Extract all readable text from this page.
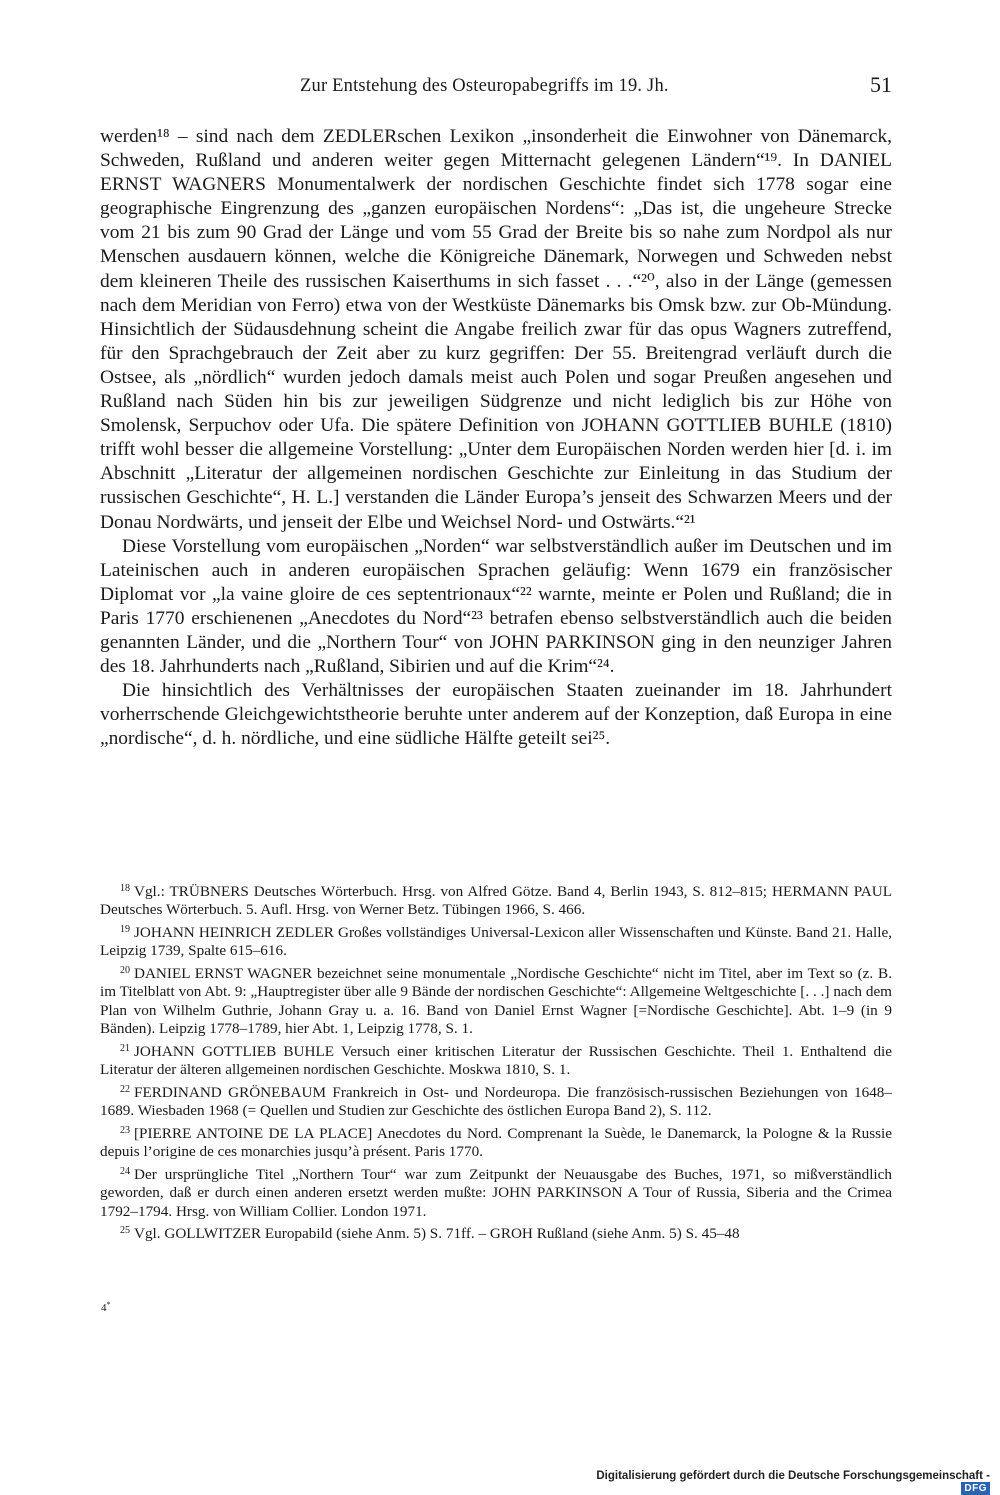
Zur Entstehung des Osteuropabegriffs im 19. Jh.	51

werden¹⁸ – sind nach dem ZEDLERschen Lexikon „insonderheit die Einwohner von Dänemarck, Schweden, Rußland und anderen weiter gegen Mitternacht gelegenen Ländern“¹⁹. In DANIEL ERNST WAGNERS Monumentalwerk der nordischen Geschichte findet sich 1778 sogar eine geographische Eingrenzung des „ganzen europäischen Nordens“: „Das ist, die ungeheure Strecke vom 21 bis zum 90 Grad der Länge und vom 55 Grad der Breite bis so nahe zum Nordpol als nur Menschen ausdauern können, welche die Königreiche Dänemark, Norwegen und Schweden nebst dem kleineren Theile des russischen Kaiserthums in sich fasset . . .“²⁰, also in der Länge (gemessen nach dem Meridian von Ferro) etwa von der Westküste Dänemarks bis Omsk bzw. zur Ob-Mündung. Hinsichtlich der Südausdehnung scheint die Angabe freilich zwar für das opus Wagners zutreffend, für den Sprachgebrauch der Zeit aber zu kurz gegriffen: Der 55. Breitengrad verläuft durch die Ostsee, als „nördlich“ wurden jedoch damals meist auch Polen und sogar Preußen angesehen und Rußland nach Süden hin bis zur jeweiligen Südgrenze und nicht lediglich bis zur Höhe von Smolensk, Serpuchov oder Ufa. Die spätere Definition von JOHANN GOTTLIEB BUHLE (1810) trifft wohl besser die allgemeine Vorstellung: „Unter dem Europäischen Norden werden hier [d. i. im Abschnitt „Literatur der allgemeinen nordischen Geschichte zur Einleitung in das Studium der russischen Geschichte“, H. L.] verstanden die Länder Europa’s jenseit des Schwarzen Meers und der Donau Nordwärts, und jenseit der Elbe und Weichsel Nord- und Ostwärts.“²¹

Diese Vorstellung vom europäischen „Norden“ war selbstverständlich außer im Deutschen und im Lateinischen auch in anderen europäischen Sprachen geläufig: Wenn 1679 ein französischer Diplomat vor „la vaine gloire de ces septentrionaux“²² warnte, meinte er Polen und Rußland; die in Paris 1770 erschienenen „Anecdotes du Nord“²³ betrafen ebenso selbstverständlich auch die beiden genannten Länder, und die „Northern Tour“ von JOHN PARKINSON ging in den neunziger Jahren des 18. Jahrhunderts nach „Rußland, Sibirien und auf die Krim“²⁴.

Die hinsichtlich des Verhältnisses der europäischen Staaten zueinander im 18. Jahrhundert vorherrschende Gleichgewichtstheorie beruhte unter anderem auf der Konzeption, daß Europa in eine „nordische“, d. h. nördliche, und eine südliche Hälfte geteilt sei²⁵.

$^{18}$ Vgl.: TRÜBNERS Deutsches Wörterbuch. Hrsg. von Alfred Götze. Band 4, Berlin 1943, S. 812–815; HERMANN PAUL Deutsches Wörterbuch. 5. Aufl. Hrsg. von Werner Betz. Tübingen 1966, S. 466.

$^{19}$ JOHANN HEINRICH ZEDLER Großes vollständiges Universal-Lexicon aller Wissenschaften und Künste. Band 21. Halle, Leipzig 1739, Spalte 615–616.

$^{20}$ DANIEL ERNST WAGNER bezeichnet seine monumentale „Nordische Geschichte“ nicht im Titel, aber im Text so (z. B. im Titelblatt von Abt. 9: „Hauptregister über alle 9 Bände der nordischen Geschichte“: Allgemeine Weltgeschichte [. . .] nach dem Plan von Wilhelm Guthrie, Johann Gray u. a. 16. Band von Daniel Ernst Wagner [=Nordische Geschichte]. Abt. 1–9 (in 9 Bänden). Leipzig 1778–1789, hier Abt. 1, Leipzig 1778, S. 1.

$^{21}$ JOHANN GOTTLIEB BUHLE Versuch einer kritischen Literatur der Russischen Geschichte. Theil 1. Enthaltend die Literatur der älteren allgemeinen nordischen Geschichte. Moskwa 1810, S. 1.

$^{22}$ FERDINAND GRÖNEBAUM Frankreich in Ost- und Nordeuropa. Die französisch-russischen Beziehungen von 1648–1689. Wiesbaden 1968 (= Quellen und Studien zur Geschichte des östlichen Europa Band 2), S. 112.

$^{23}$ [PIERRE ANTOINE DE LA PLACE] Anecdotes du Nord. Comprenant la Suède, le Danemarck, la Pologne & la Russie depuis l’origine de ces monarchies jusqu’à présent. Paris 1770.

$^{24}$ Der ursprüngliche Titel „Northern Tour“ war zum Zeitpunkt der Neuausgabe des Buches, 1971, so mißverständlich geworden, daß er durch einen anderen ersetzt werden mußte: JOHN PARKINSON A Tour of Russia, Siberia and the Crimea 1792–1794. Hrsg. von William Collier. London 1971.

$^{25}$ Vgl. GOLLWITZER Europabild (siehe Anm. 5) S. 71ff. – GROH Rußland (siehe Anm. 5) S. 45–48

4*
Digitalisierung gefördert durch die Deutsche Forschungsgemeinschaft -DFG
